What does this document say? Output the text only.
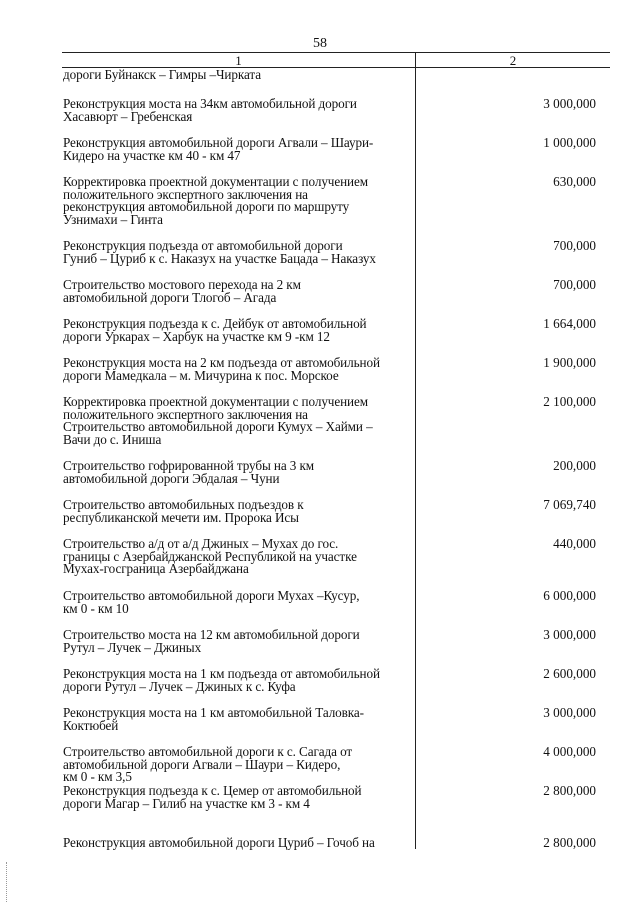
58
1	2
дороги Буйнакск – Гимры –Чирката
Реконструкция моста на 34км автомобильной дороги
Хасавюрт – Гребенская
3 000,000
Реконструкция автомобильной дороги Агвали – Шаури-
Кидеро на участке км 40 - км 47
1 000,000
Корректировка проектной документации с получением
положительного экспертного заключения на
реконструкция автомобильной дороги по маршруту
Узнимахи – Гинта
630,000
Реконструкция подъезда от автомобильной дороги
Гуниб – Цуриб к с. Наказух на участке Бацада – Наказух
700,000
Строительство мостового перехода на 2 км
автомобильной дороги Тлогоб – Агада
700,000
Реконструкция подъезда к с. Дейбук от автомобильной
дороги Уркарах – Харбук на участке км 9 -км 12
1 664,000
Реконструкция моста на 2 км подъезда от автомобильной
дороги Мамедкала – м. Мичурина к пос. Морское
1 900,000
Корректировка проектной документации с получением
положительного экспертного заключения на
Строительство автомобильной дороги Кумух – Хайми –
Вачи до с. Иниша
2 100,000
Строительство гофрированной трубы на 3 км
автомобильной дороги Эбдалая – Чуни
200,000
Строительство автомобильных подъездов к
республиканской мечети им. Пророка Исы
7 069,740
Строительство а/д от а/д Джиных – Мухах до гос.
границы с Азербайджанской Республикой на участке
Мухах-госграница Азербайджана
440,000
Строительство автомобильной дороги Мухах –Кусур,
км 0 - км 10
6 000,000
Строительство моста на 12 км автомобильной дороги
Рутул – Лучек – Джиных
3 000,000
Реконструкция моста на 1 км подъезда от автомобильной
дороги Рутул – Лучек – Джиных к с. Куфа
2 600,000
Реконструкция моста на 1 км автомобильной Таловка-
Коктюбей
3 000,000
Строительство автомобильной дороги к с. Сагада от
автомобильной дороги Агвали – Шаури – Кидеро,
км 0 - км 3,5
4 000,000
Реконструкция подъезда к с. Цемер от автомобильной
дороги Магар – Гилиб на участке км 3 - км 4
2 800,000
Реконструкция автомобильной дороги Цуриб – Гочоб на	2 800,000
